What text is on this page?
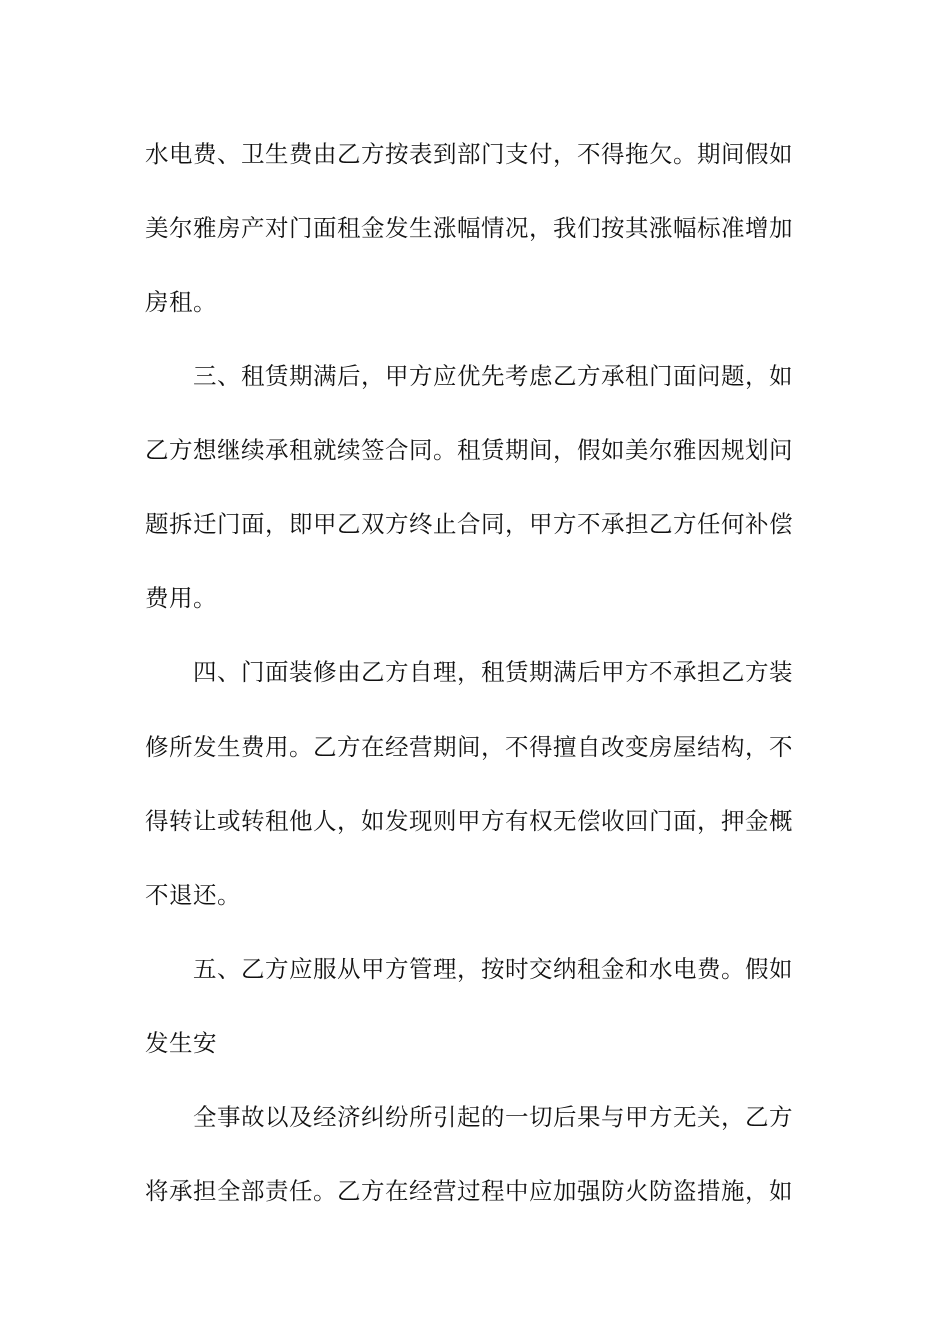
水电费、卫生费由乙方按表到部门支付，不得拖欠。期间假如
美尔雅房产对门面租金发生涨幅情况，我们按其涨幅标准增加
房租。
三、租赁期满后，甲方应优先考虑乙方承租门面问题，如
乙方想继续承租就续签合同。租赁期间，假如美尔雅因规划问
题拆迁门面，即甲乙双方终止合同，甲方不承担乙方任何补偿
费用。
四、门面装修由乙方自理，租赁期满后甲方不承担乙方装
修所发生费用。乙方在经营期间，不得擅自改变房屋结构，不
得转让或转租他人，如发现则甲方有权无偿收回门面，押金概
不退还。
五、乙方应服从甲方管理，按时交纳租金和水电费。假如
发生安
全事故以及经济纠纷所引起的一切后果与甲方无关，乙方
将承担全部责任。乙方在经营过程中应加强防火防盗措施，如
